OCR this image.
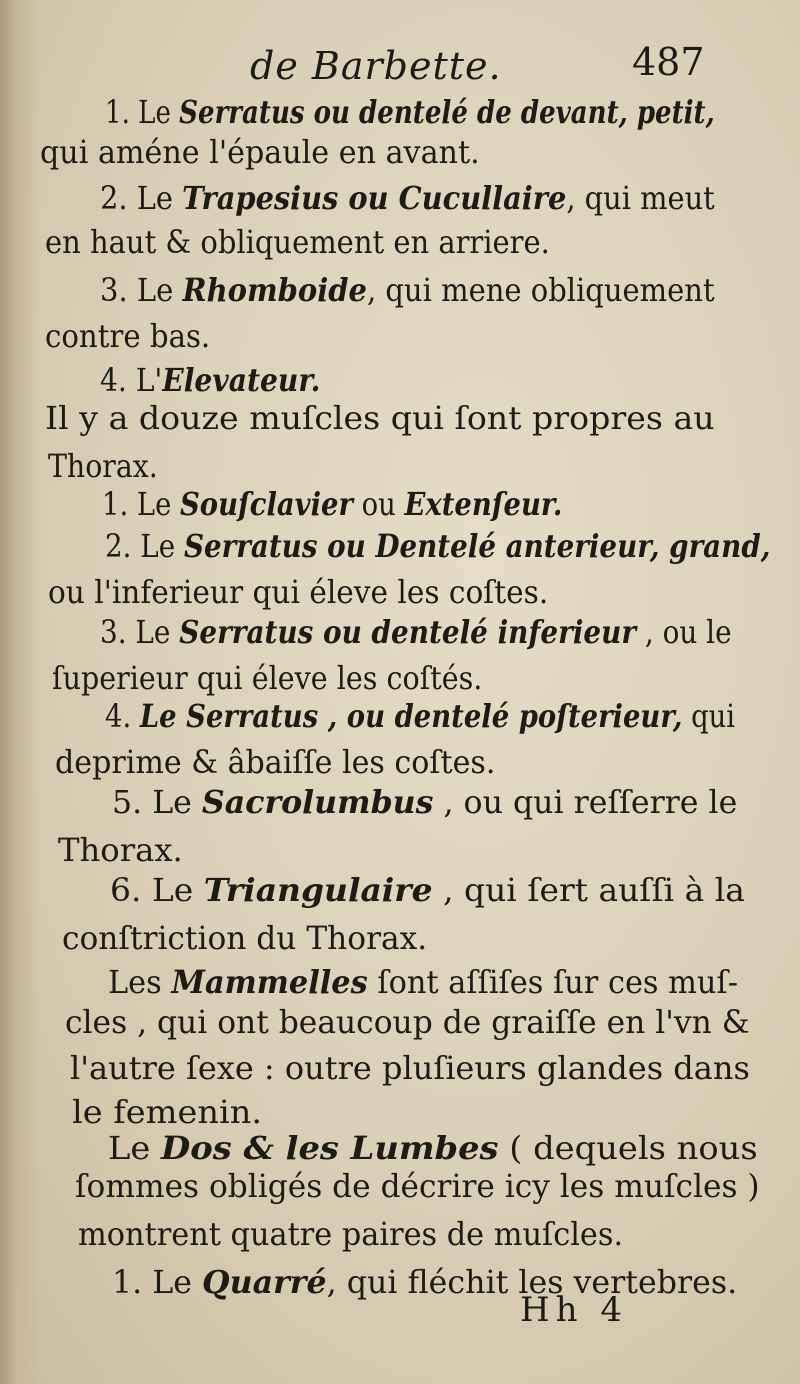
de Barbette.	487
1. Le Serratus ou dentelé de devant, petit,
qui améne l'épaule en avant.
2. Le Trapesius ou Cucullaire, qui meut
en haut & obliquement en arriere.
3. Le Rhomboide, qui mene obliquement
contre bas.
4. L'Elevateur.
Il y a douze muſcles qui ſont propres au
Thorax.
1. Le Souſclavier ou Extenſeur.
2. Le Serratus ou Dentelé anterieur, grand,
ou l'inferieur qui éleve les coſtes.
3. Le Serratus ou dentelé inferieur , ou le
ſuperieur qui éleve les coſtés.
4. Le Serratus , ou dentelé poſterieur, qui
deprime & âbaiſſe les coſtes.
5. Le Sacrolumbus , ou qui reſſerre le
Thorax.
6. Le Triangulaire , qui ſert auſſi à la
conſtriction du Thorax.
Les Mammelles ſont aſſiſes ſur ces muſ-
cles , qui ont beaucoup de graiſſe en l'vn &
l'autre ſexe : outre pluſieurs glandes dans
le femenin.
Le Dos & les Lumbes ( dequels nous
ſommes obligés de décrire icy les muſcles )
montrent quatre paires de muſcles.
1. Le Quarré, qui fléchit les vertebres.
Hh 4
